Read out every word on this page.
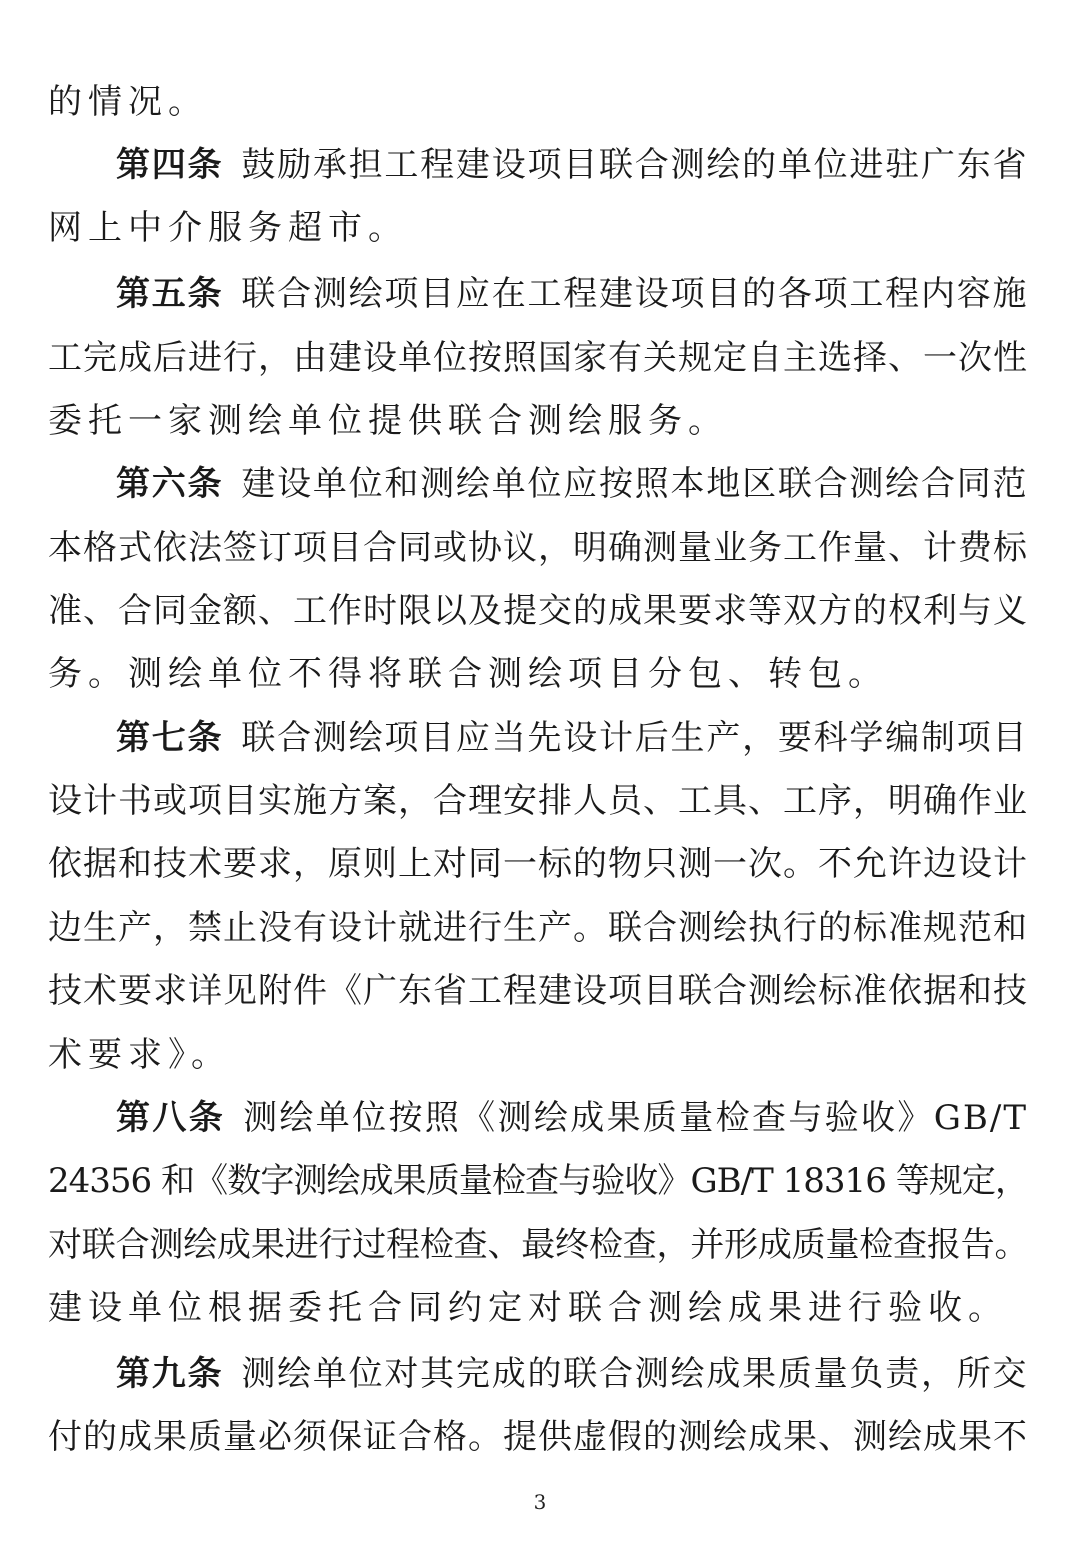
的情况。
第四条 鼓励承担工程建设项目联合测绘的单位进驻广东省
网上中介服务超市。
第五条 联合测绘项目应在工程建设项目的各项工程内容施
工完成后进行，由建设单位按照国家有关规定自主选择、一次性
委托一家测绘单位提供联合测绘服务。
第六条 建设单位和测绘单位应按照本地区联合测绘合同范
本格式依法签订项目合同或协议，明确测量业务工作量、计费标
准、合同金额、工作时限以及提交的成果要求等双方的权利与义
务。测绘单位不得将联合测绘项目分包、转包。
第七条 联合测绘项目应当先设计后生产，要科学编制项目
设计书或项目实施方案，合理安排人员、工具、工序，明确作业
依据和技术要求，原则上对同一标的物只测一次。不允许边设计
边生产，禁止没有设计就进行生产。联合测绘执行的标准规范和
技术要求详见附件《广东省工程建设项目联合测绘标准依据和技
术要求》。
第八条 测绘单位按照《测绘成果质量检查与验收》GB/T
24356 和《数字测绘成果质量检查与验收》GB/T 18316 等规定，
对联合测绘成果进行过程检查、最终检查，并形成质量检查报告。
建设单位根据委托合同约定对联合测绘成果进行验收。
第九条 测绘单位对其完成的联合测绘成果质量负责，所交
付的成果质量必须保证合格。提供虚假的测绘成果、测绘成果不
3
